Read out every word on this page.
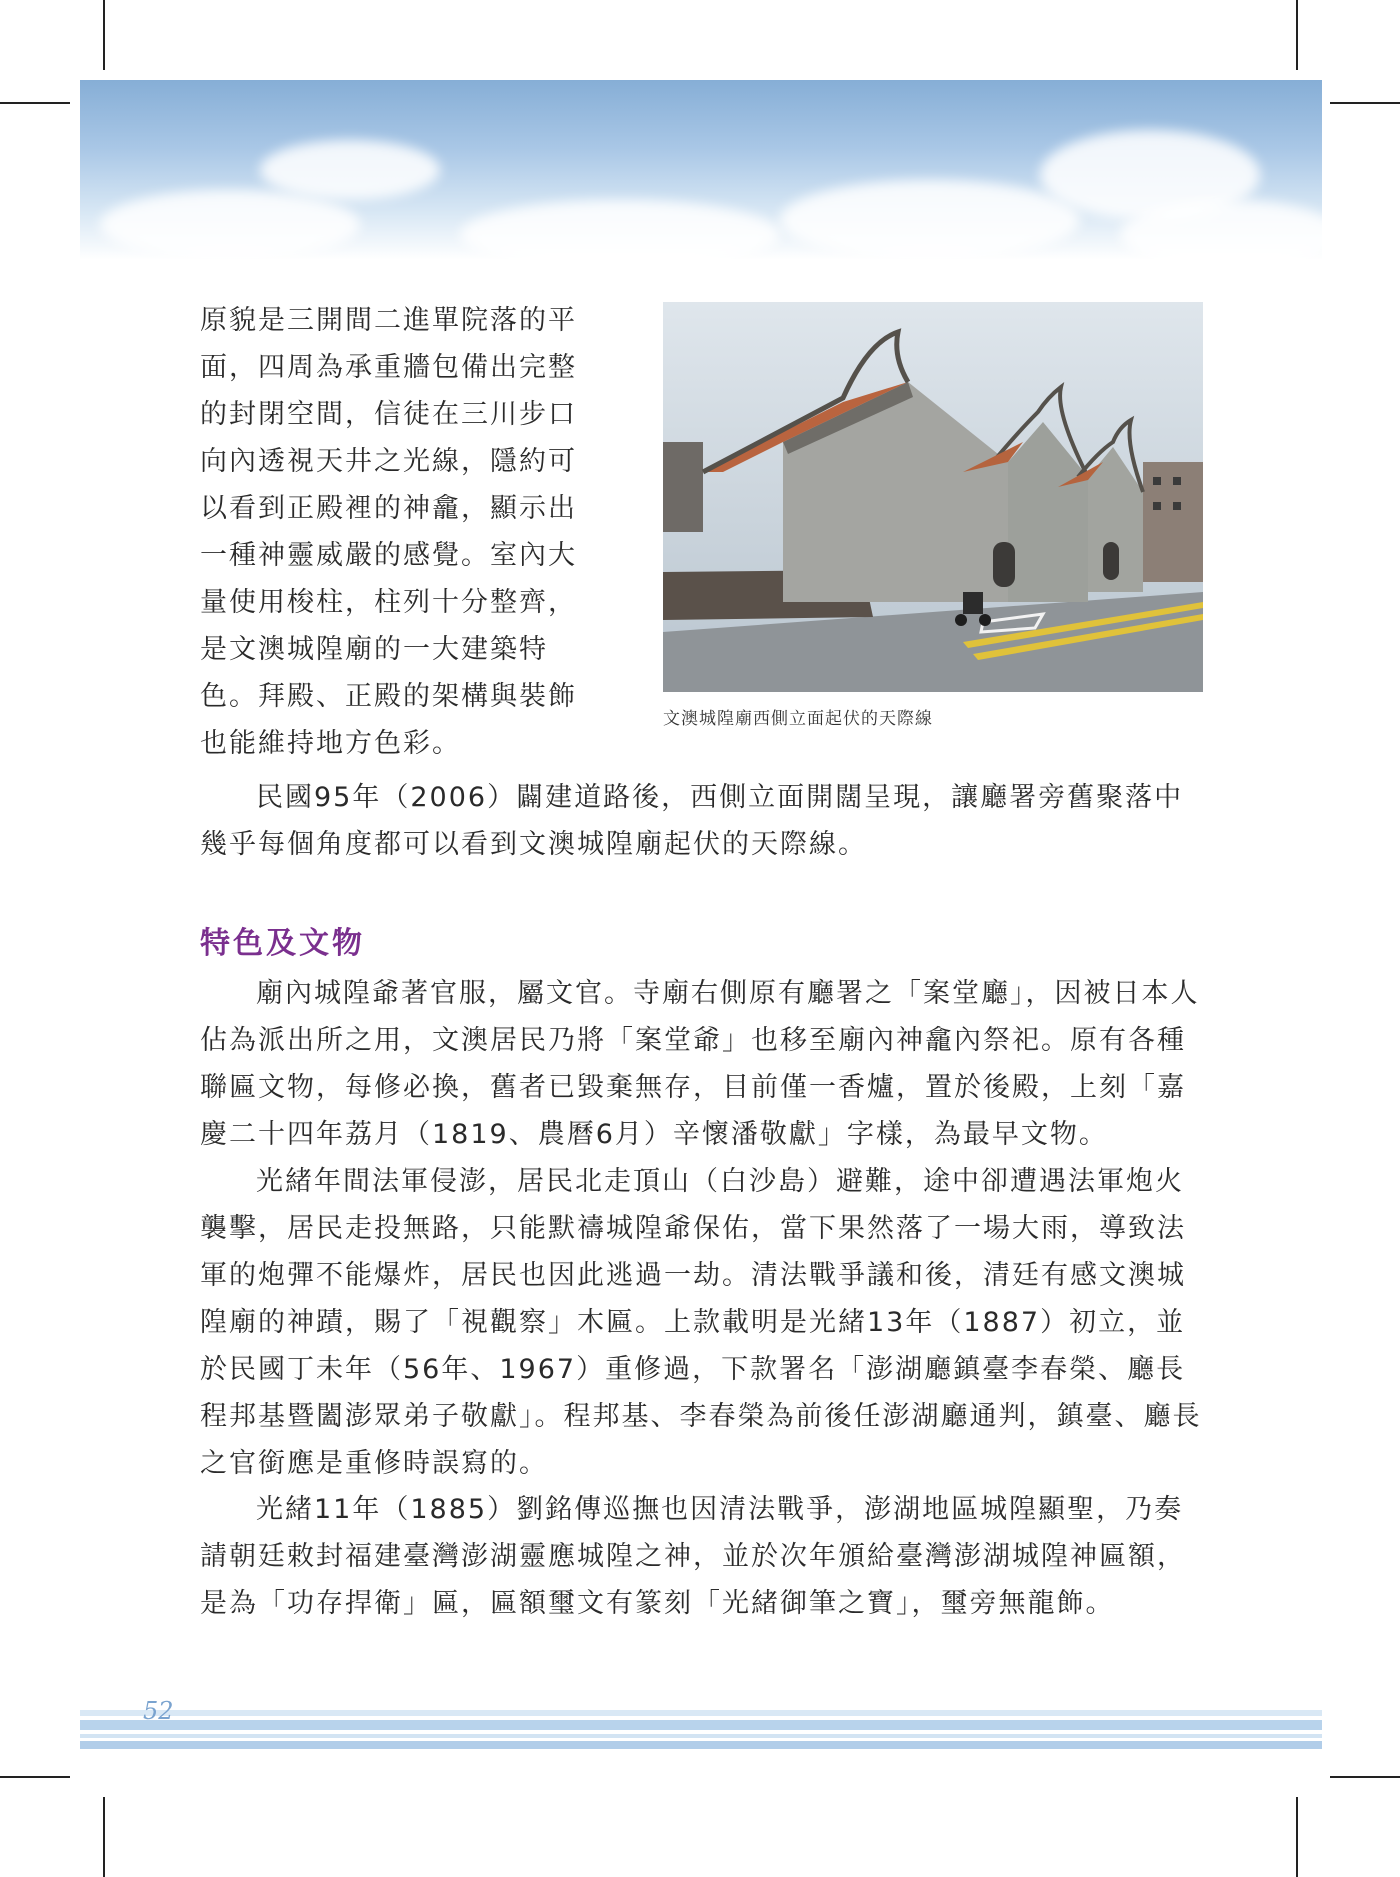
原貌是三開間二進單院落的平面，四周為承重牆包備出完整的封閉空間，信徒在三川步口向內透視天井之光線，隱約可以看到正殿裡的神龕，顯示出一種神靈威嚴的感覺。室內大量使用梭柱，柱列十分整齊，是文澳城隍廟的一大建築特色。拜殿、正殿的架構與裝飾也能維持地方色彩。

文澳城隍廟西側立面起伏的天際線

民國95年（2006）闢建道路後，西側立面開闊呈現，讓廳署旁舊聚落中幾乎每個角度都可以看到文澳城隍廟起伏的天際線。

特色及文物

廟內城隍爺著官服，屬文官。寺廟右側原有廳署之「案堂廳」，因被日本人佔為派出所之用，文澳居民乃將「案堂爺」也移至廟內神龕內祭祀。原有各種聯匾文物，每修必換，舊者已毀棄無存，目前僅一香爐，置於後殿，上刻「嘉慶二十四年荔月（1819、農曆6月）辛懷潘敬獻」字樣，為最早文物。

光緒年間法軍侵澎，居民北走頂山（白沙島）避難，途中卻遭遇法軍炮火襲擊，居民走投無路，只能默禱城隍爺保佑，當下果然落了一場大雨，導致法軍的炮彈不能爆炸，居民也因此逃過一劫。清法戰爭議和後，清廷有感文澳城隍廟的神蹟，賜了「視觀察」木匾。上款載明是光緒13年（1887）初立，並於民國丁未年（56年、1967）重修過，下款署名「澎湖廳鎮臺李春榮、廳長程邦基暨闔澎眾弟子敬獻」。程邦基、李春榮為前後任澎湖廳通判，鎮臺、廳長之官銜應是重修時誤寫的。

光緒11年（1885）劉銘傳巡撫也因清法戰爭，澎湖地區城隍顯聖，乃奏請朝廷敕封福建臺灣澎湖靈應城隍之神，並於次年頒給臺灣澎湖城隍神匾額，是為「功存捍衛」匾，匾額璽文有篆刻「光緒御筆之寶」，璽旁無龍飾。

52
